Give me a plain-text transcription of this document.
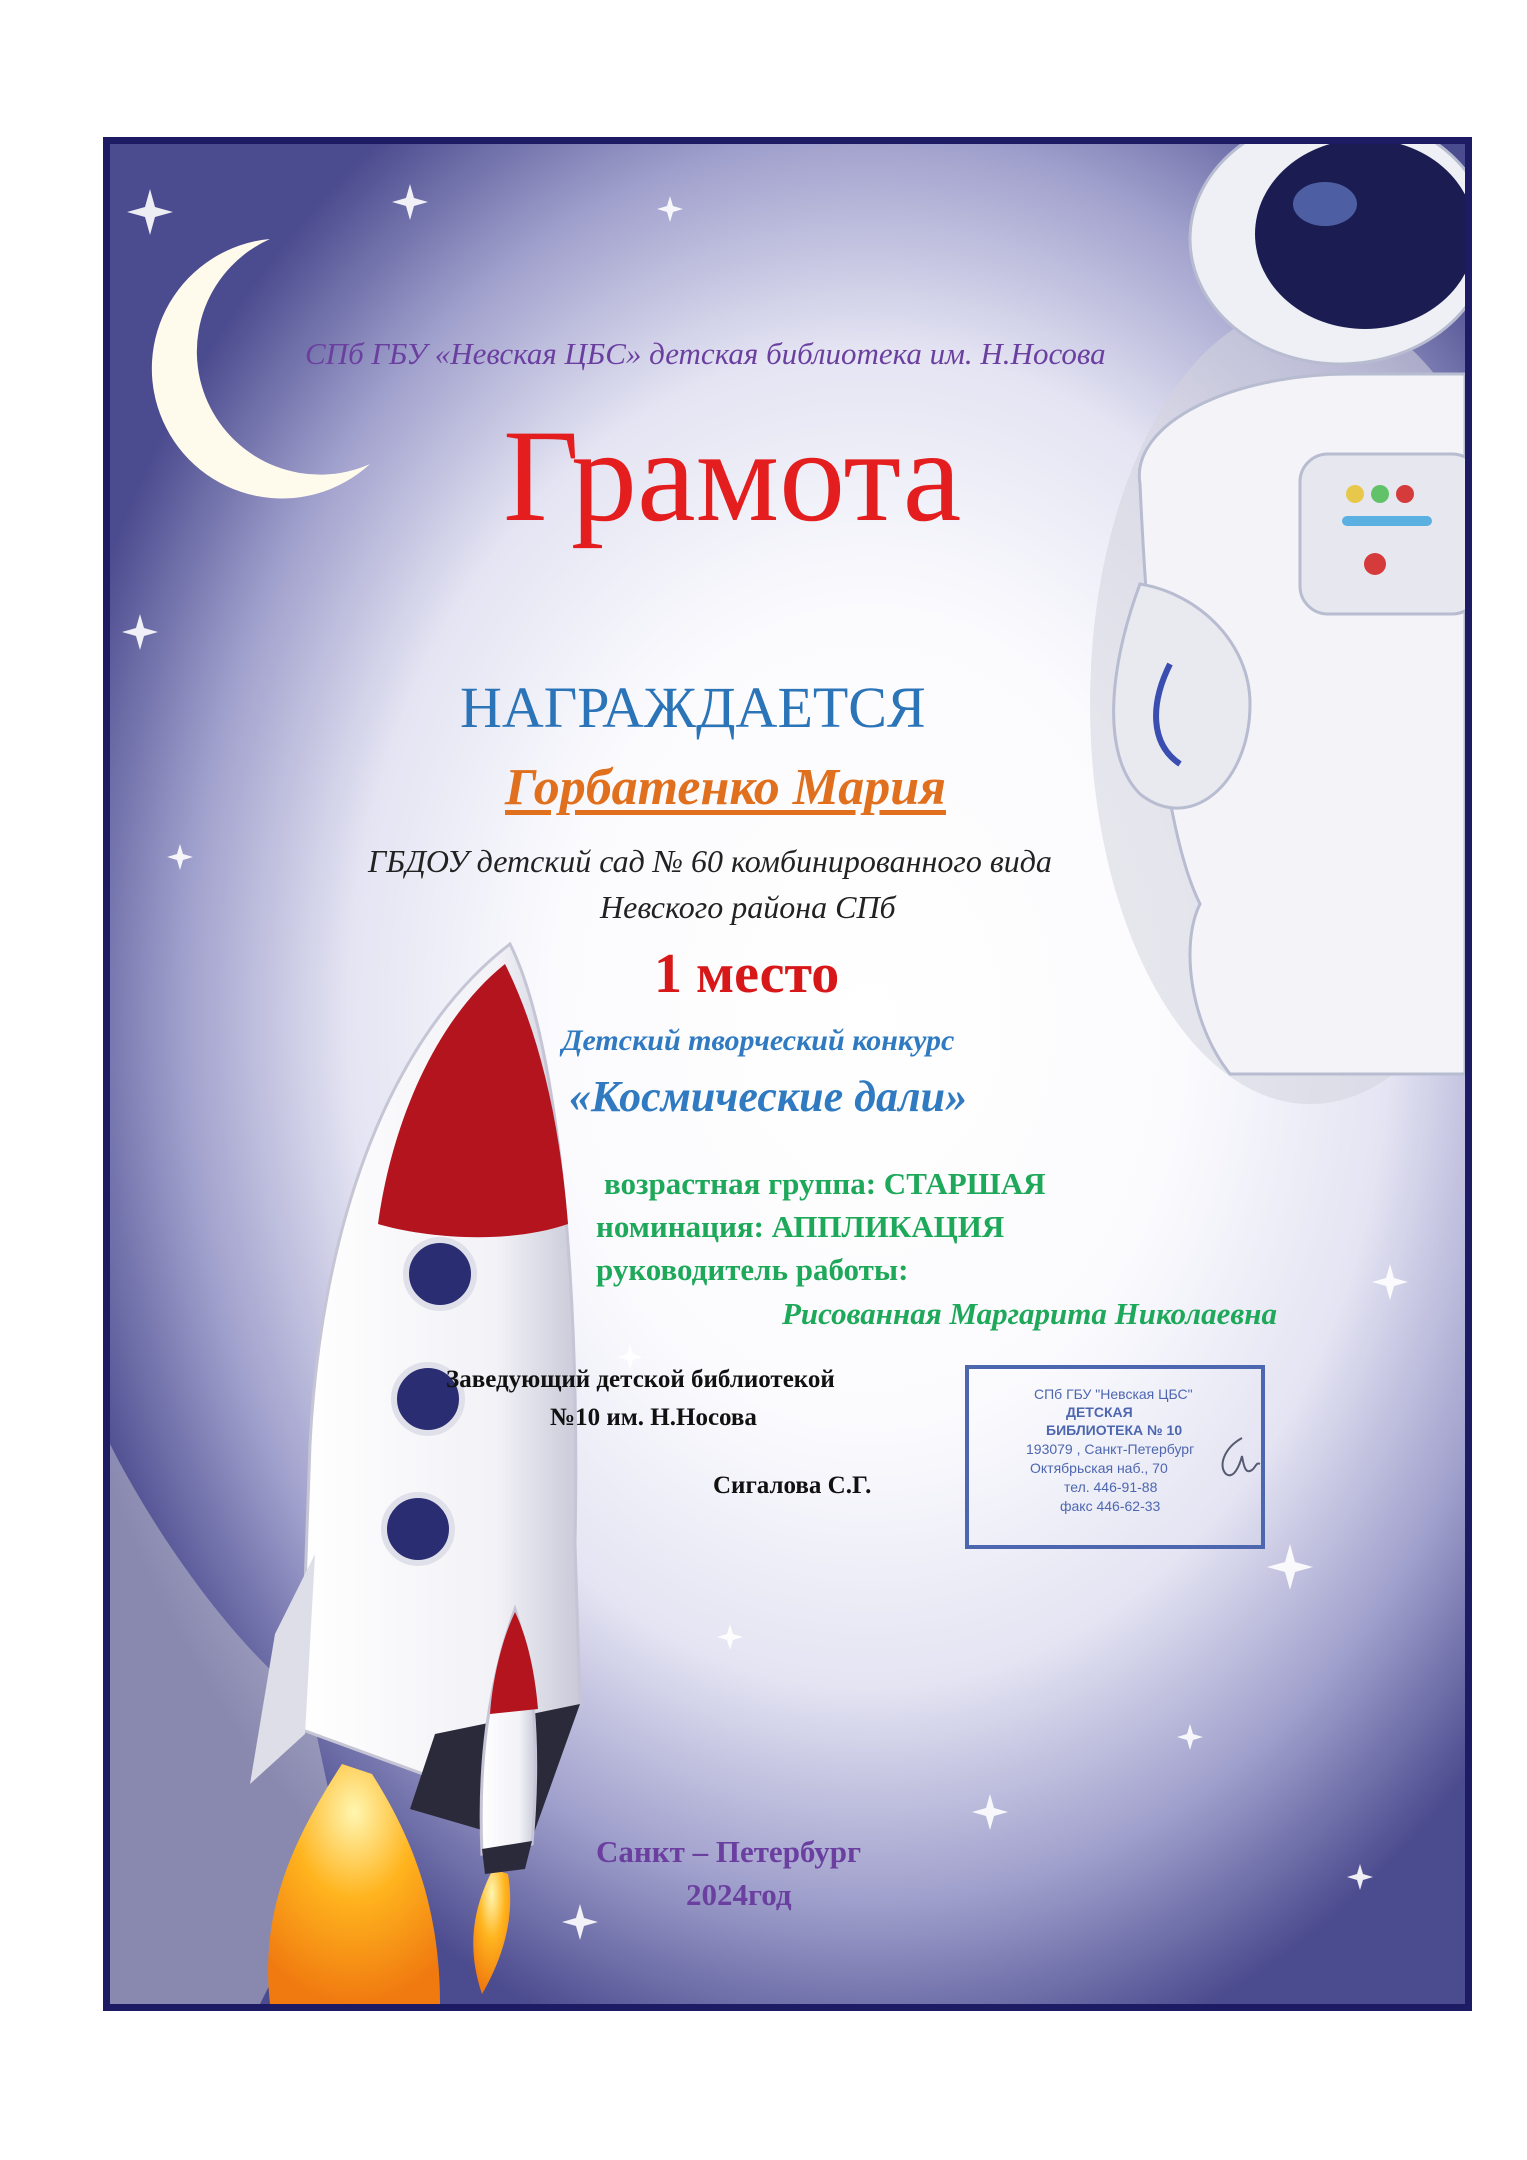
СПб ГБУ «Невская ЦБС» детская библиотека им. Н.Носова
Грамота
НАГРАЖДАЕТСЯ
Горбатенко Мария
ГБДОУ детский сад № 60 комбинированного вида
Невского района СПб
1 место
Детский творческий конкурс
«Космические дали»
возрастная группа: СТАРШАЯ
номинация: АППЛИКАЦИЯ
руководитель работы:
Рисованная Маргарита Николаевна
Заведующий детской библиотекой
№10 им. Н.Носова
Сигалова С.Г.
СПб ГБУ "Невская ЦБС"
ДЕТСКАЯ
БИБЛИОТЕКА № 10
193079 , Санкт-Петербург
Октябрьская наб., 70
тел. 446-91-88
факс 446-62-33
Санкт – Петербург
2024год
